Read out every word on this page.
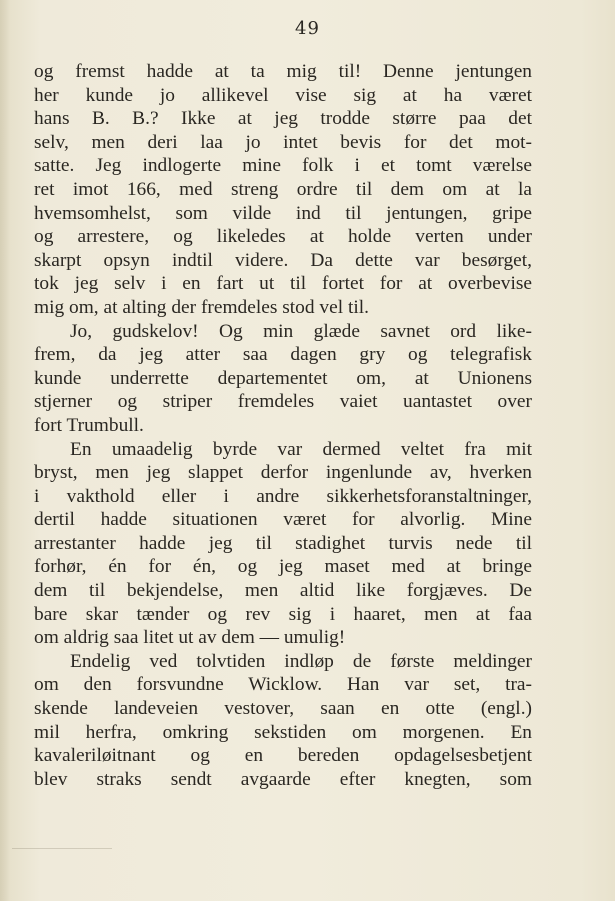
49
og fremst hadde at ta mig til! Denne jentungen
her kunde jo allikevel vise sig at ha været
hans B. B.? Ikke at jeg trodde større paa det
selv, men deri laa jo intet bevis for det mot-
satte. Jeg indlogerte mine folk i et tomt værelse
ret imot 166, med streng ordre til dem om at la
hvemsomhelst, som vilde ind til jentungen, gripe
og arrestere, og likeledes at holde verten under
skarpt opsyn indtil videre. Da dette var besørget,
tok jeg selv i en fart ut til fortet for at overbevise
mig om, at alting der fremdeles stod vel til.
Jo, gudskelov! Og min glæde savnet ord like-
frem, da jeg atter saa dagen gry og telegrafisk
kunde underrette departementet om, at Unionens
stjerner og striper fremdeles vaiet uantastet over
fort Trumbull.
En umaadelig byrde var dermed veltet fra mit
bryst, men jeg slappet derfor ingenlunde av, hverken
i vakthold eller i andre sikkerhetsforanstaltninger,
dertil hadde situationen været for alvorlig. Mine
arrestanter hadde jeg til stadighet turvis nede til
forhør, én for én, og jeg maset med at bringe
dem til bekjendelse, men altid like forgjæves. De
bare skar tænder og rev sig i haaret, men at faa
om aldrig saa litet ut av dem — umulig!
Endelig ved tolvtiden indløp de første meldinger
om den forsvundne Wicklow. Han var set, tra-
skende landeveien vestover, saan en otte (engl.)
mil herfra, omkring sekstiden om morgenen. En
kavaleriløitnant og en bereden opdagelsesbetjent
blev straks sendt avgaarde efter knegten, som
